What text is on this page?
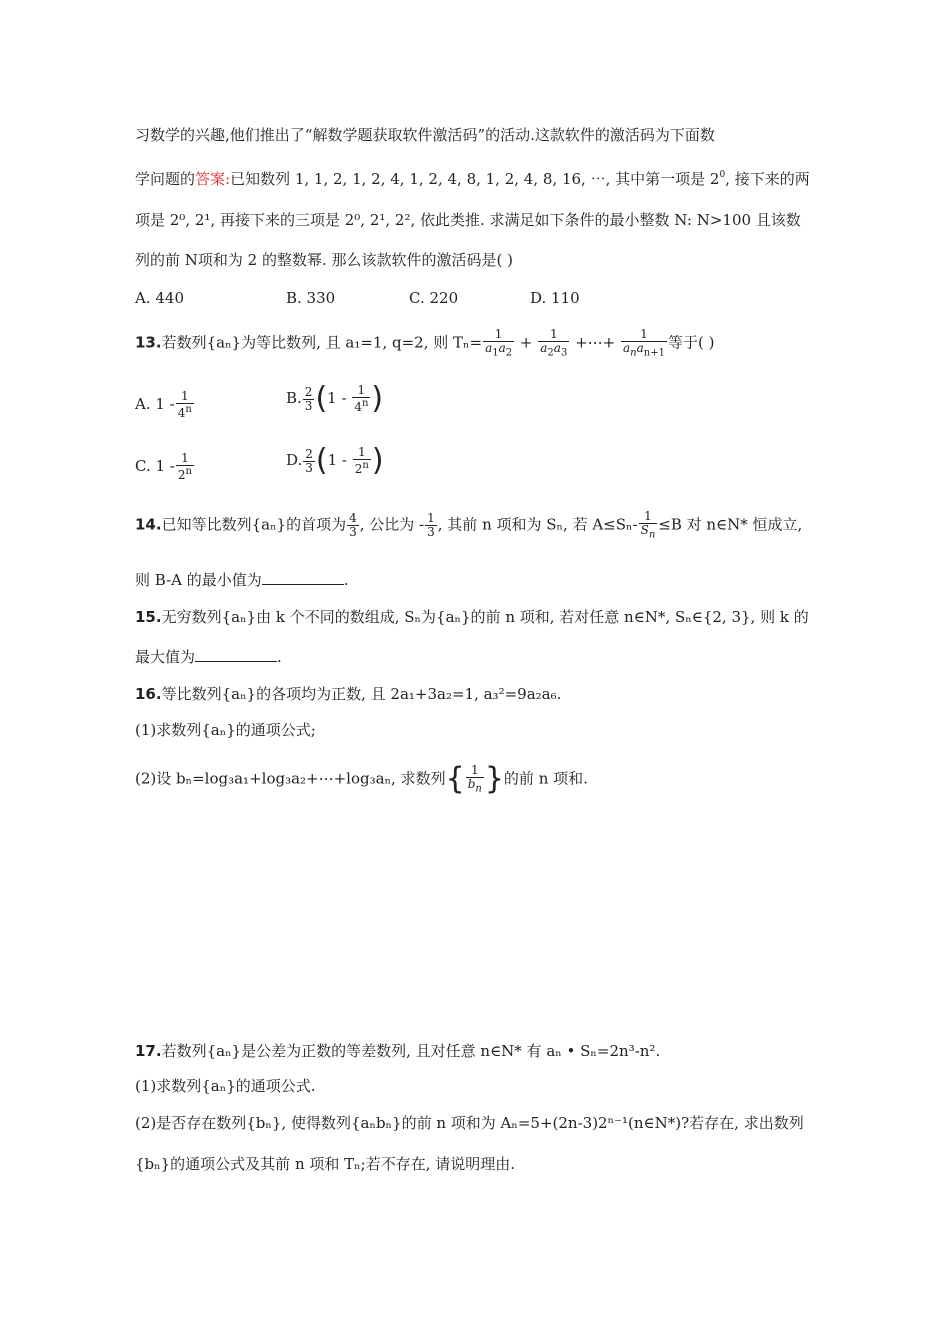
习数学的兴趣,他们推出了“解数学题获取软件激活码”的活动.这款软件的激活码为下面数
学问题的答案:已知数列 1, 1, 2, 1, 2, 4, 1, 2, 4, 8, 1, 2, 4, 8, 16, ⋯, 其中第一项是 $2^0$, 接下来的两
项是 2⁰, 2¹, 再接下来的三项是 2⁰, 2¹, 2², 依此类推. 求满足如下条件的最小整数 N: N>100 且该数
列的前 N项和为 2 的整数幂. 那么该款软件的激活码是( )
A. 440	B. 330	C. 220	D. 110
13.若数列{aₙ}为等比数列, 且 a₁=1, q=2, 则 $T_n= \frac{1}{a_1a_2} + \frac{1}{a_2a_3}$ +⋯+ $\frac{1}{a_na_{n+1}}$ 等于( )
A. $1 - \frac{1}{4^n}$	B. $\frac{2}{3} (1 - \frac{1}{4^n}$ )
C. $1 - \frac{1}{2^n}$	D. $\frac{2}{3} (1 - \frac{1}{2^n}$ )
14.已知等比数列{aₙ}的首项为 $\frac{4}{3}$ , 公比为 - $\frac{1}{3}$ , 其前 n 项和为 Sₙ, 若 $A\le S_n- \frac{1}{S_n} \le B$ 对 n∈N* 恒成立,
则 B-A 的最小值为	.
15.无穷数列{aₙ}由 k 个不同的数组成, Sₙ为{aₙ}的前 n 项和, 若对任意 n∈N*, Sₙ∈{2, 3}, 则 k 的
最大值为	.
16.等比数列{aₙ}的各项均为正数, 且 2a₁+3a₂=1, a₃²=9a₂a₆.
(1)求数列{aₙ}的通项公式;
(2)设 bₙ=log₃a₁+log₃a₂+⋯+log₃aₙ, 求数列{ $\frac{1}{b_n}$ }的前 n 项和.
17.若数列{aₙ}是公差为正数的等差数列, 且对任意 n∈N* 有 aₙ • Sₙ=2n³-n².
(1)求数列{aₙ}的通项公式.
(2)是否存在数列{bₙ}, 使得数列{aₙbₙ}的前 n 项和为 Aₙ=5+(2n-3)2ⁿ⁻¹(n∈N*)?若存在, 求出数列
{bₙ}的通项公式及其前 n 项和 Tₙ;若不存在, 请说明理由.
